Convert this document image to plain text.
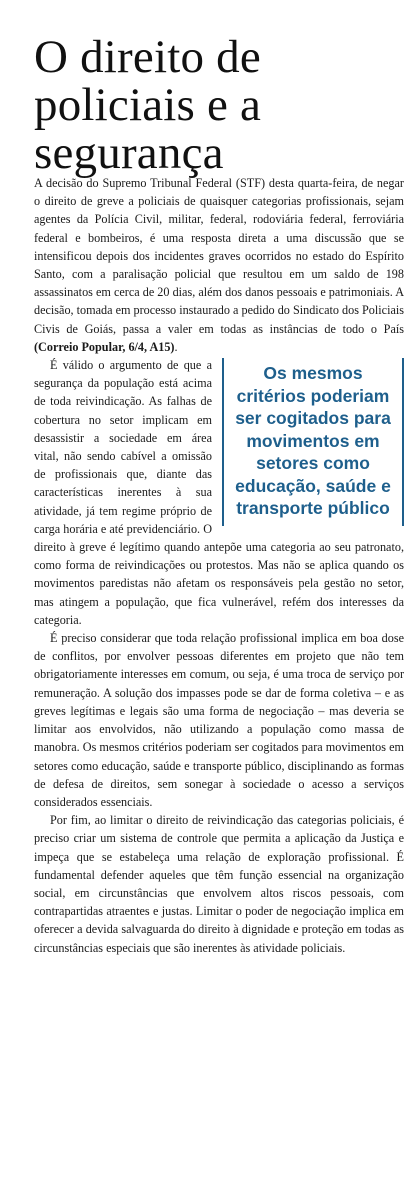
O direito de policiais e a segurança

A decisão do Supremo Tribunal Federal (STF) desta quarta-feira, de negar o direito de greve a policiais de quaisquer categorias profissionais, sejam agentes da Polícia Civil, militar, federal, rodoviária federal, ferroviária federal e bombeiros, é uma resposta direta a uma discussão que se intensificou depois dos incidentes graves ocorridos no estado do Espírito Santo, com a paralisação policial que resultou em um saldo de 198 assassinatos em cerca de 20 dias, além dos danos pessoais e patrimoniais. A decisão, tomada em processo instaurado a pedido do Sindicato dos Policiais Civis de Goiás, passa a valer em todas as instâncias de todo o País (Correio Popular, 6/4, A15).

Os mesmos critérios poderiam ser cogitados para movimentos em setores como educação, saúde e transporte público
É válido o argumento de que a segurança da população está acima de toda reivindicação. As falhas de cobertura no setor implicam em desassistir a sociedade em área vital, não sendo cabível a omissão de profissionais que, diante das características inerentes à sua atividade, já tem regime próprio de carga horária e até previdenciário. O direito à greve é legítimo quando antepõe uma categoria ao seu patronato, como forma de reivindicações ou protestos. Mas não se aplica quando os movimentos paredistas não afetam os responsáveis pela gestão no setor, mas atingem a população, que fica vulnerável, refém dos interesses da categoria.

É preciso considerar que toda relação profissional implica em boa dose de conflitos, por envolver pessoas diferentes em projeto que não tem obrigatoriamente interesses em comum, ou seja, é uma troca de serviço por remuneração. A solução dos impasses pode se dar de forma coletiva – e as greves legítimas e legais são uma forma de negociação – mas deveria se limitar aos envolvidos, não utilizando a população como massa de manobra. Os mesmos critérios poderiam ser cogitados para movimentos em setores como educação, saúde e transporte público, disciplinando as formas de defesa de direitos, sem sonegar à sociedade o acesso a serviços considerados essenciais.

Por fim, ao limitar o direito de reivindicação das categorias policiais, é preciso criar um sistema de controle que permita a aplicação da Justiça e impeça que se estabeleça uma relação de exploração profissional. É fundamental defender aqueles que têm função essencial na organização social, em circunstâncias que envolvem altos riscos pessoais, com contrapartidas atraentes e justas. Limitar o poder de negociação implica em oferecer a devida salvaguarda do direito à dignidade e proteção em todas as circunstâncias especiais que são inerentes às atividade policiais.
